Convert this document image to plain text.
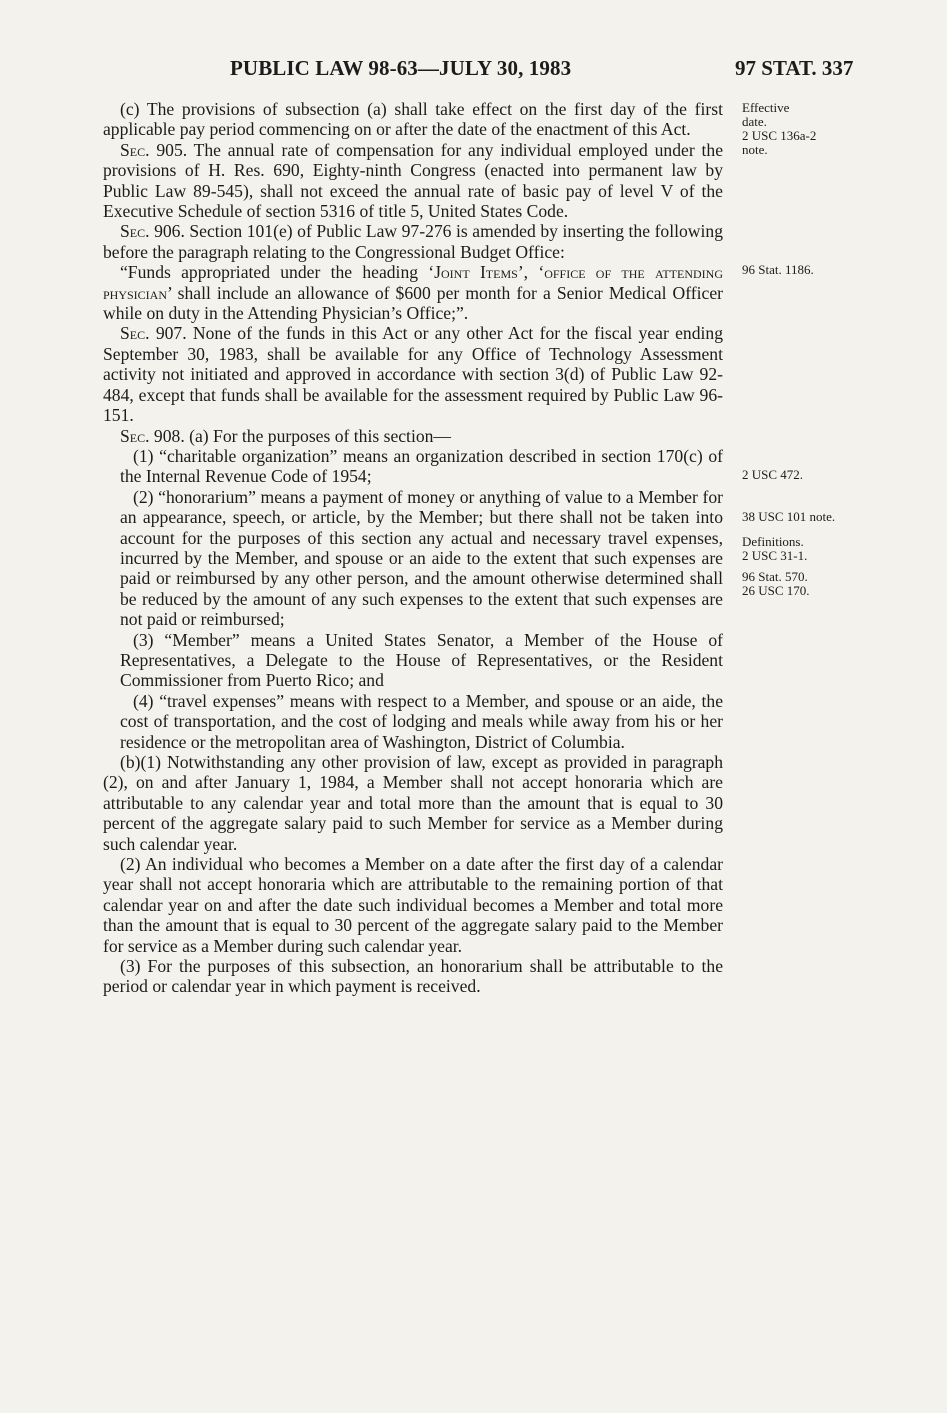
PUBLIC LAW 98-63—JULY 30, 1983	97 STAT. 337

(c) The provisions of subsection (a) shall take effect on the first day of the first applicable pay period commencing on or after the date of the enactment of this Act.

Sec. 905. The annual rate of compensation for any individual employed under the provisions of H. Res. 690, Eighty-ninth Congress (enacted into permanent law by Public Law 89-545), shall not exceed the annual rate of basic pay of level V of the Executive Schedule of section 5316 of title 5, United States Code.

Sec. 906. Section 101(e) of Public Law 97-276 is amended by inserting the following before the paragraph relating to the Congressional Budget Office:

“Funds appropriated under the heading ‘Joint Items’, ‘office of the attending physician’ shall include an allowance of $600 per month for a Senior Medical Officer while on duty in the Attending Physician’s Office;”.

Sec. 907. None of the funds in this Act or any other Act for the fiscal year ending September 30, 1983, shall be available for any Office of Technology Assessment activity not initiated and approved in accordance with section 3(d) of Public Law 92-484, except that funds shall be available for the assessment required by Public Law 96-151.

Sec. 908. (a) For the purposes of this section—

(1) “charitable organization” means an organization described in section 170(c) of the Internal Revenue Code of 1954;

(2) “honorarium” means a payment of money or anything of value to a Member for an appearance, speech, or article, by the Member; but there shall not be taken into account for the purposes of this section any actual and necessary travel expenses, incurred by the Member, and spouse or an aide to the extent that such expenses are paid or reimbursed by any other person, and the amount otherwise determined shall be reduced by the amount of any such expenses to the extent that such expenses are not paid or reimbursed;

(3) “Member” means a United States Senator, a Member of the House of Representatives, a Delegate to the House of Representatives, or the Resident Commissioner from Puerto Rico; and

(4) “travel expenses” means with respect to a Member, and spouse or an aide, the cost of transportation, and the cost of lodging and meals while away from his or her residence or the metropolitan area of Washington, District of Columbia.

(b)(1) Notwithstanding any other provision of law, except as provided in paragraph (2), on and after January 1, 1984, a Member shall not accept honoraria which are attributable to any calendar year and total more than the amount that is equal to 30 percent of the aggregate salary paid to such Member for service as a Member during such calendar year.

(2) An individual who becomes a Member on a date after the first day of a calendar year shall not accept honoraria which are attributable to the remaining portion of that calendar year on and after the date such individual becomes a Member and total more than the amount that is equal to 30 percent of the aggregate salary paid to the Member for service as a Member during such calendar year.

(3) For the purposes of this subsection, an honorarium shall be attributable to the period or calendar year in which payment is received.

Effective
date.
2 USC 136a-2
note.
96 Stat. 1186.
2 USC 472.
38 USC 101 note.
Definitions.
2 USC 31-1.
96 Stat. 570.
26 USC 170.
